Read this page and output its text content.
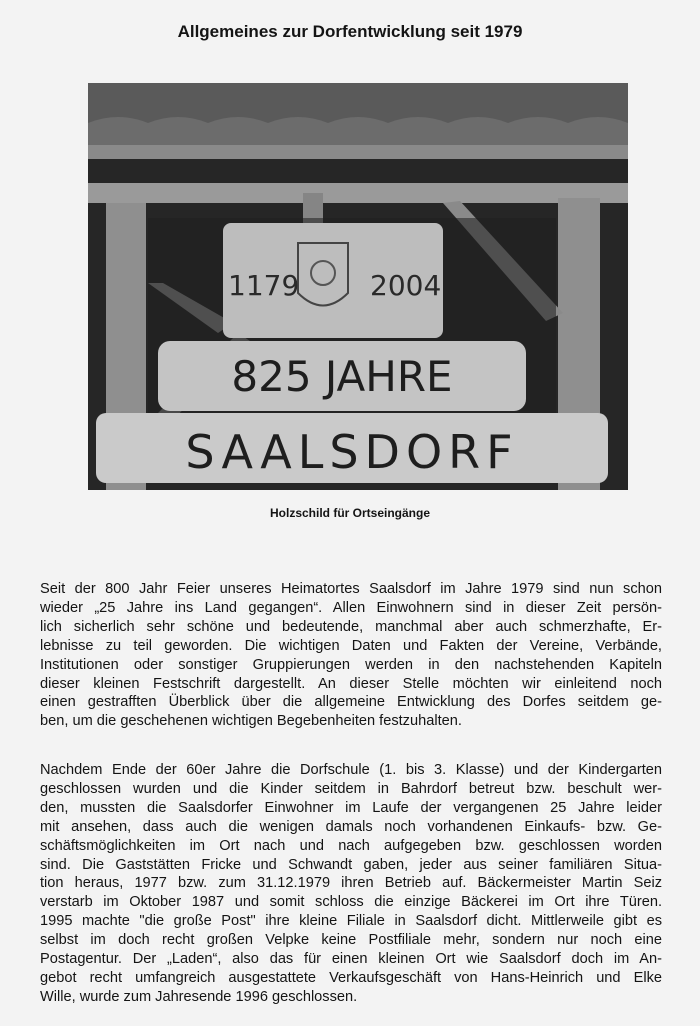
Allgemeines zur Dorfentwicklung seit 1979
1179	2004
825 JAHRE
SAALSDORF
Holzschild für Ortseingänge
Seit der 800 Jahr Feier unseres Heimatortes Saalsdorf im Jahre 1979 sind nun schon
wieder „25 Jahre ins Land gegangen“. Allen Einwohnern sind in dieser Zeit persön-
lich sicherlich sehr schöne und bedeutende, manchmal aber auch schmerzhafte, Er-
lebnisse zu teil geworden. Die wichtigen Daten und Fakten der Vereine, Verbände,
Institutionen oder sonstiger Gruppierungen werden in den nachstehenden Kapiteln
dieser kleinen Festschrift dargestellt. An dieser Stelle möchten wir einleitend noch
einen gestrafften Überblick über die allgemeine Entwicklung des Dorfes seitdem ge-
ben, um die geschehenen wichtigen Begebenheiten festzuhalten.
Nachdem Ende der 60er Jahre die Dorfschule (1. bis 3. Klasse) und der Kindergarten
geschlossen wurden und die Kinder seitdem in Bahrdorf betreut bzw. beschult wer-
den, mussten die Saalsdorfer Einwohner im Laufe der vergangenen 25 Jahre leider
mit ansehen, dass auch die wenigen damals noch vorhandenen Einkaufs- bzw. Ge-
schäftsmöglichkeiten im Ort nach und nach aufgegeben bzw. geschlossen worden
sind. Die Gaststätten Fricke und Schwandt gaben, jeder aus seiner familiären Situa-
tion heraus, 1977 bzw. zum 31.12.1979 ihren Betrieb auf. Bäckermeister Martin Seiz
verstarb im Oktober 1987 und somit schloss die einzige Bäckerei im Ort ihre Türen.
1995 machte "die große Post" ihre kleine Filiale in Saalsdorf dicht. Mittlerweile gibt es
selbst im doch recht großen Velpke keine Postfiliale mehr, sondern nur noch eine
Postagentur. Der „Laden“, also das für einen kleinen Ort wie Saalsdorf doch im An-
gebot recht umfangreich ausgestattete Verkaufsgeschäft von Hans-Heinrich und Elke
Wille, wurde zum Jahresende 1996 geschlossen.
